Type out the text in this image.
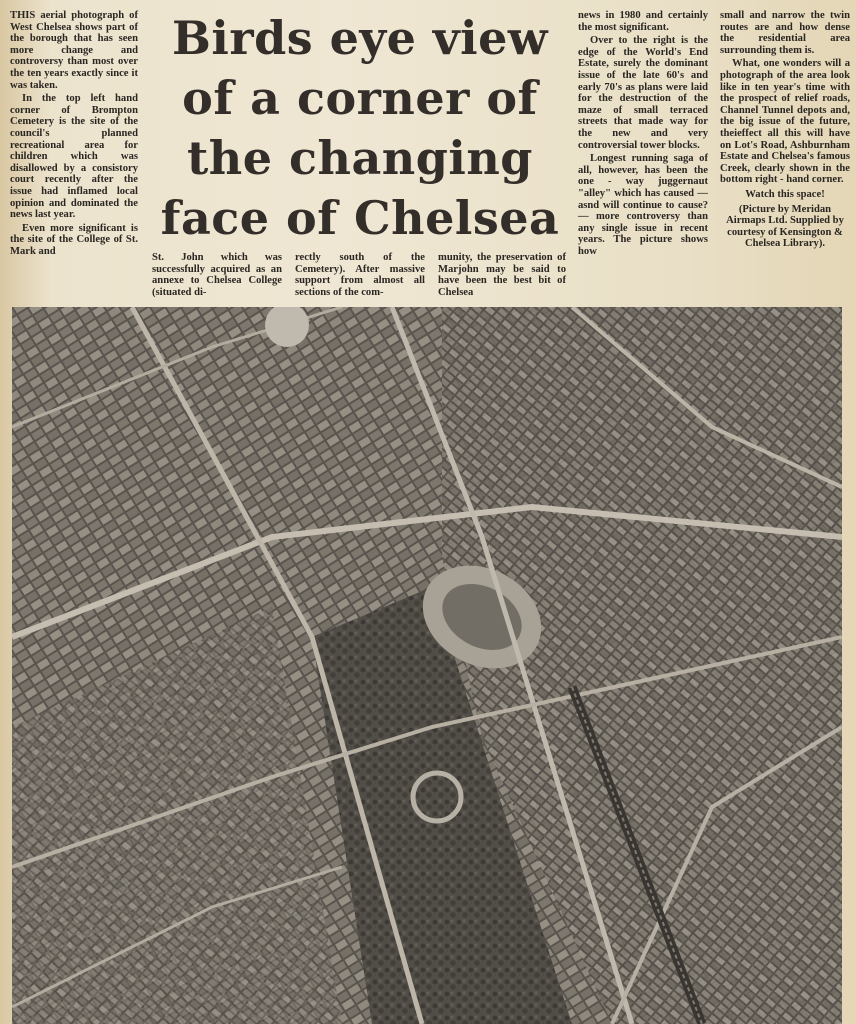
THIS aerial photograph of West Chelsea shows part of the borough that has seen more change and controversy than most over the ten years exactly since it was taken.

In the top left hand corner of Brompton Cemetery is the site of the council's planned recreational area for children which was disallowed by a consistory court recently after the issue had inflamed local opinion and dominated the news last year.

Even more significant is the site of the College of St. Mark and

Birds eye view
of a corner of
the changing
face of Chelsea

St. John which was successfully acquired as an annexe to Chelsea College (situated di-

rectly south of the Cemetery). After massive support from almost all sections of the com-

munity, the preservation of Marjohn may be said to have been the best bit of Chelsea

news in 1980 and certainly the most significant.

Over to the right is the edge of the World's End Estate, surely the dominant issue of the late 60's and early 70's as plans were laid for the destruction of the maze of small terraced streets that made way for the new and very controversial tower blocks.

Longest running saga of all, however, has been the one - way juggernaut "alley" which has caused — asnd will continue to cause? — more controversy than any single issue in recent years. The picture shows how

small and narrow the twin routes are and how dense the residential area surrounding them is.

What, one wonders will a photograph of the area look like in ten year's time with the prospect of relief roads, Channel Tunnel depots and, the big issue of the future, theieffect all this will have on Lot's Road, Ashburnham Estate and Chelsea's famous Creek, clearly shown in the bottom right - hand corner.

Watch this space!

(Picture by Meridan Airmaps Ltd. Supplied by courtesy of Kensington & Chelsea Library).
